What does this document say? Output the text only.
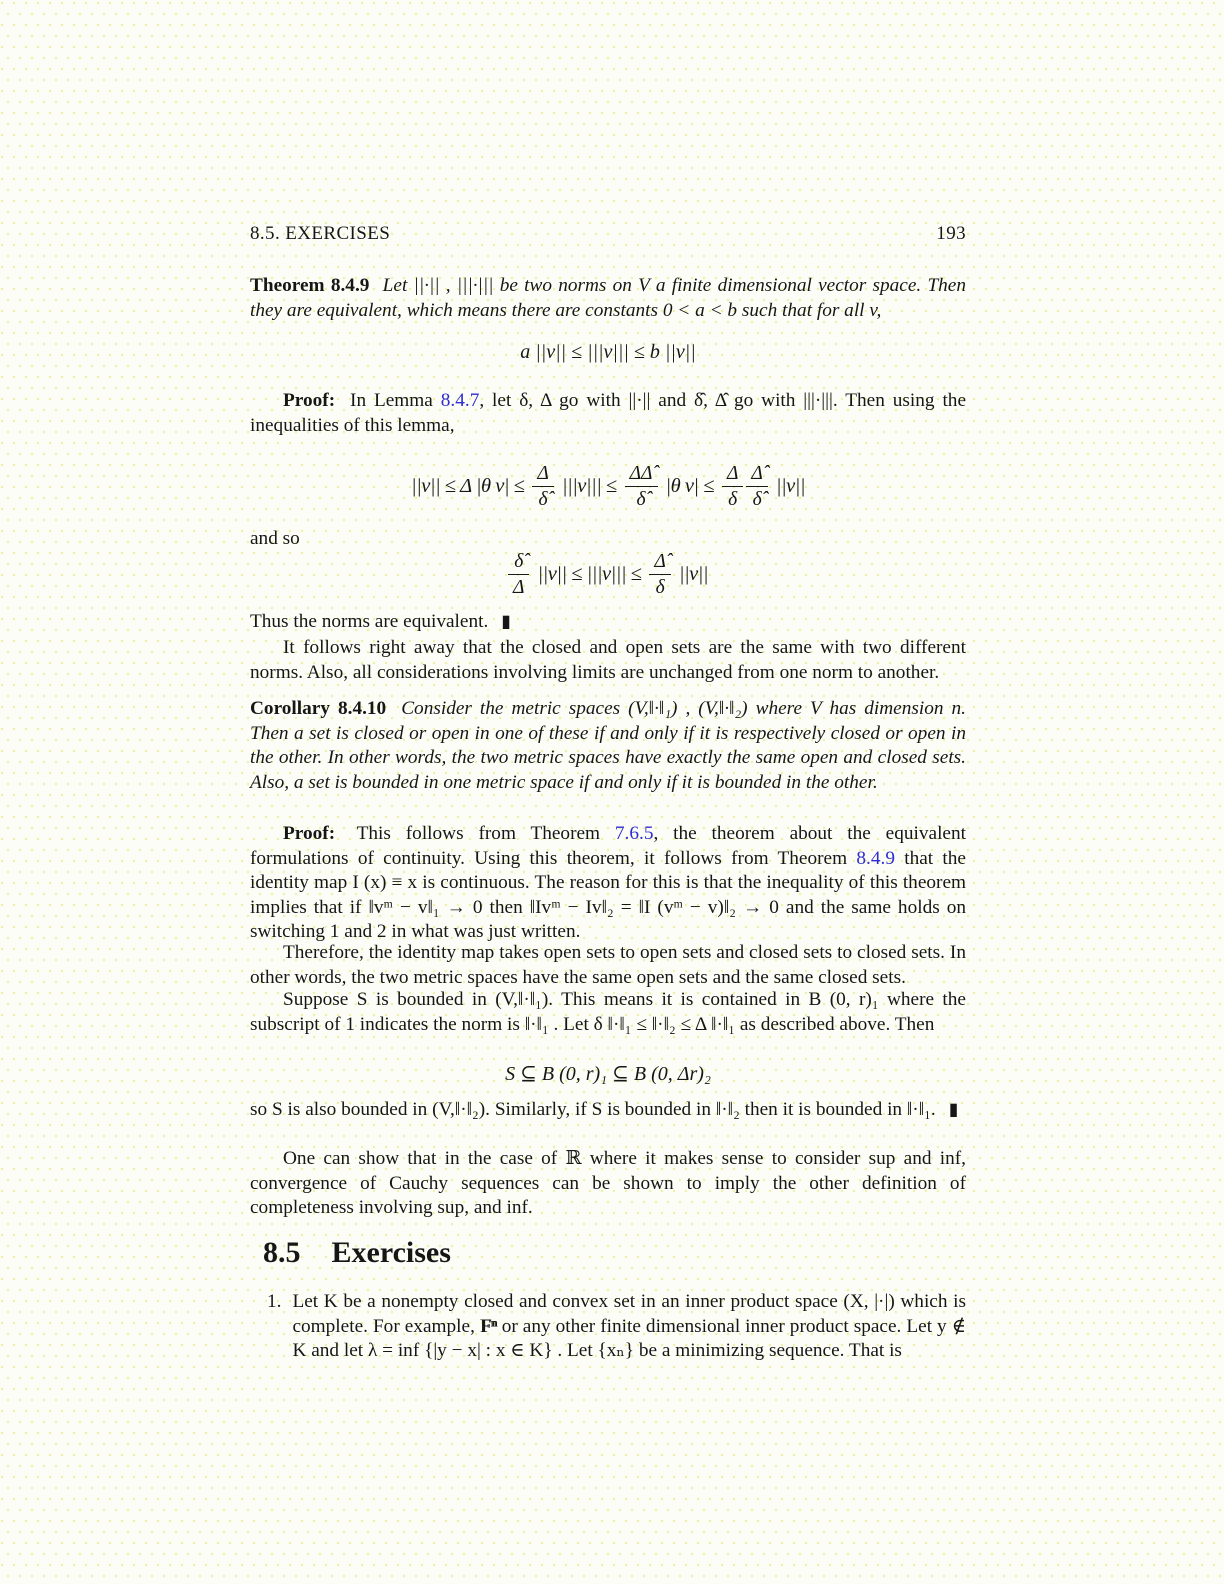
8.5. EXERCISES	193

Theorem 8.4.9 Let ||·|| , |||·||| be two norms on V a finite dimensional vector space. Then they are equivalent, which means there are constants 0 < a < b such that for all v,

a ||v|| ≤ |||v||| ≤ b ||v||

Proof: In Lemma 8.4.7, let δ, Δ go with ||·|| and δ̂, Δ̂ go with |||·|||. Then using the inequalities of this lemma,

||v|| ≤ Δ |θ $v| \le \frac{\Delta}{\deltâ} |||v||| \le \frac{\Delta\Deltâ}{\deltâ} |\theta$ $v| \le \frac{\Delta}{\delta} \frac{\Deltâ}{\deltâ} ||v||$

and so

$\frac{\deltâ}{\Delta} ||v|| \le |||v||| \le \frac{\Deltâ}{\delta} ||v||$

Thus the norms are equivalent. ▮

It follows right away that the closed and open sets are the same with two different norms. Also, all considerations involving limits are unchanged from one norm to another.

Corollary 8.4.10 Consider the metric spaces (V,‖·‖₁) , (V,‖·‖₂) where V has dimension n. Then a set is closed or open in one of these if and only if it is respectively closed or open in the other. In other words, the two metric spaces have exactly the same open and closed sets. Also, a set is bounded in one metric space if and only if it is bounded in the other.

Proof: This follows from Theorem 7.6.5, the theorem about the equivalent formulations of continuity. Using this theorem, it follows from Theorem 8.4.9 that the identity map I (x) ≡ x is continuous. The reason for this is that the inequality of this theorem implies that if ‖vᵐ − v‖₁ → 0 then ‖Ivᵐ − Iv‖₂ = ‖I (vᵐ − v)‖₂ → 0 and the same holds on switching 1 and 2 in what was just written.

Therefore, the identity map takes open sets to open sets and closed sets to closed sets. In other words, the two metric spaces have the same open sets and the same closed sets.

Suppose S is bounded in (V,‖·‖₁). This means it is contained in B (0, r)₁ where the subscript of 1 indicates the norm is ‖·‖₁ . Let δ ‖·‖₁ ≤ ‖·‖₂ ≤ Δ ‖·‖₁ as described above. Then

S ⊆ B (0, r)₁ ⊆ B (0, Δr)₂

so S is also bounded in (V,‖·‖₂). Similarly, if S is bounded in ‖·‖₂ then it is bounded in ‖·‖₁. ▮

One can show that in the case of ℝ where it makes sense to consider sup and inf, convergence of Cauchy sequences can be shown to imply the other definition of completeness involving sup, and inf.

8.5 Exercises
1. Let K be a nonempty closed and convex set in an inner product space (X, |·|) which is complete. For example, Fⁿ or any other finite dimensional inner product space. Let y ∉ K and let λ = inf {|y − x| : x ∈ K} . Let {xₙ} be a minimizing sequence. That is
